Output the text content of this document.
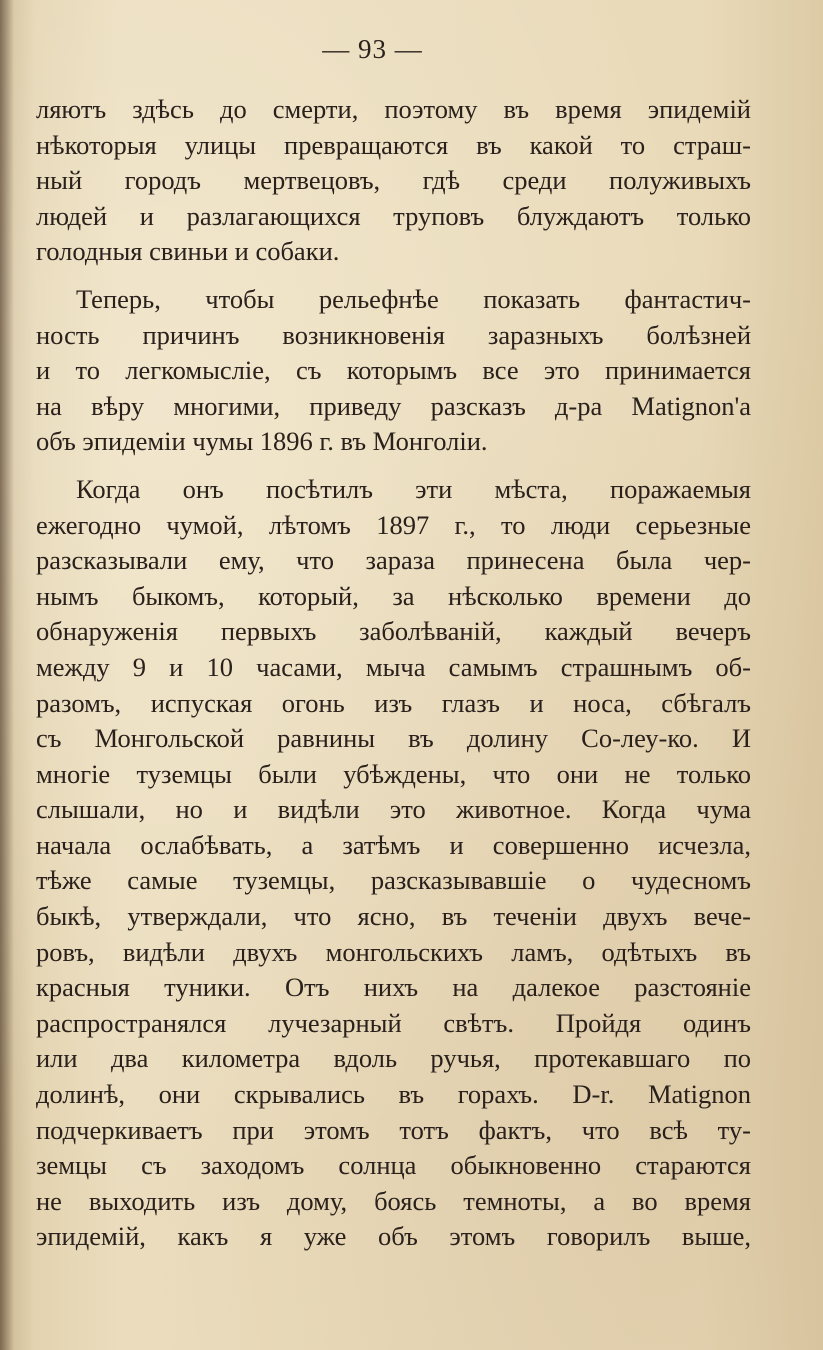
— 93 —
ляютъ здѣсь до смерти, поэтому въ время эпидемій
нѣкоторыя улицы превращаются въ какой то страш-
ный городъ мертвецовъ, гдѣ среди полуживыхъ
людей и разлагающихся труповъ блуждаютъ только
голодныя свиньи и собаки.
Теперь, чтобы рельефнѣе показать фантастич-
ность причинъ возникновенія заразныхъ болѣзней
и то легкомысліе, съ которымъ все это принимается
на вѣру многими, приведу разсказъ д-ра Matignon'а
объ эпидеміи чумы 1896 г. въ Монголіи.
Когда онъ посѣтилъ эти мѣста, поражаемыя
ежегодно чумой, лѣтомъ 1897 г., то люди серьезные
разсказывали ему, что зараза принесена была чер-
нымъ быкомъ, который, за нѣсколько времени до
обнаруженія первыхъ заболѣваній, каждый вечеръ
между 9 и 10 часами, мыча самымъ страшнымъ об-
разомъ, испуская огонь изъ глазъ и носа, сбѣгалъ
съ Монгольской равнины въ долину Со-леу-ко. И
многіе туземцы были убѣждены, что они не только
слышали, но и видѣли это животное. Когда чума
начала ослабѣвать, а затѣмъ и совершенно исчезла,
тѣже самые туземцы, разсказывавшіе о чудесномъ
быкѣ, утверждали, что ясно, въ теченіи двухъ вече-
ровъ, видѣли двухъ монгольскихъ ламъ, одѣтыхъ въ
красныя туники. Отъ нихъ на далекое разстояніе
распространялся лучезарный свѣтъ. Пройдя одинъ
или два километра вдоль ручья, протекавшаго по
долинѣ, они скрывались въ горахъ. D-r. Matignon
подчеркиваетъ при этомъ тотъ фактъ, что всѣ ту-
земцы съ заходомъ солнца обыкновенно стараются
не выходить изъ дому, боясь темноты, а во время
эпидемій, какъ я уже объ этомъ говорилъ выше,
